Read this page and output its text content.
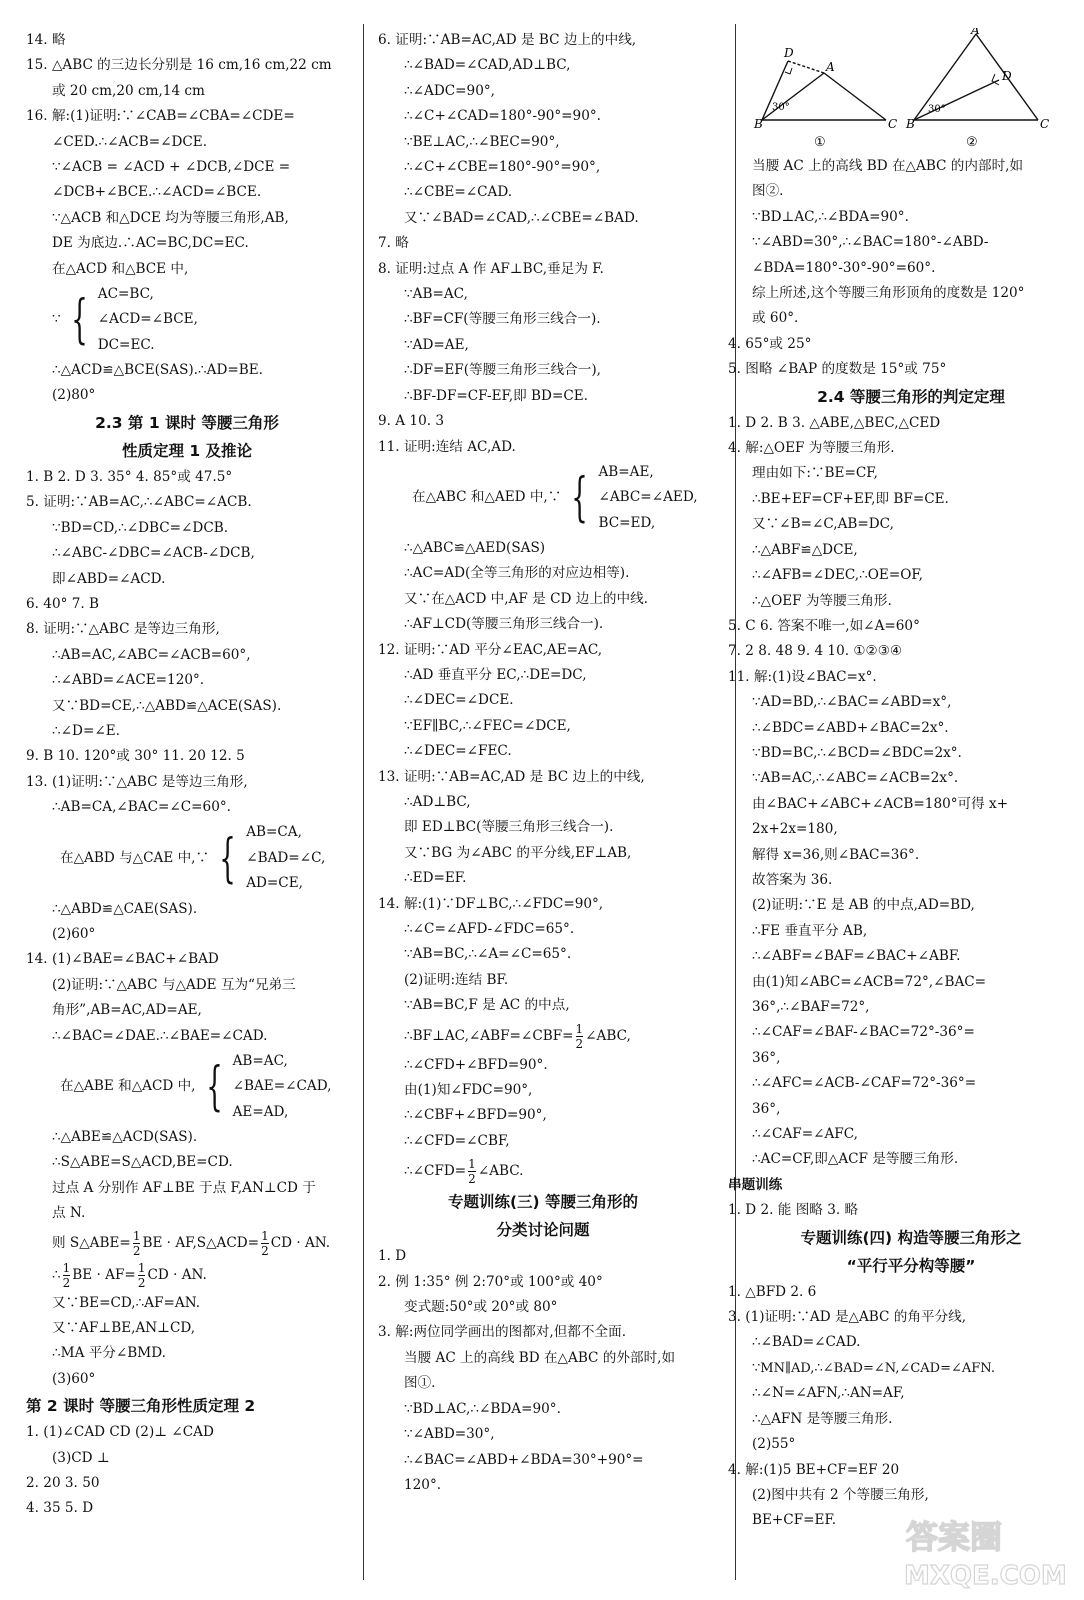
14. 略
15. △ABC 的三边长分别是 16 cm,16 cm,22 cm
或 20 cm,20 cm,14 cm
16. 解:(1)证明:∵∠CAB=∠CBA=∠CDE=
∠CED.∴∠ACB=∠DCE.
∵∠ACB = ∠ACD + ∠DCB,∠DCE =
∠DCB+∠BCE.∴∠ACD=∠BCE.
∵△ACB 和△DCE 均为等腰三角形,AB,
DE 为底边.∴AC=BC,DC=EC.
在△ACD 和△BCE 中,
∵ { AC=BC,
∠ACD=∠BCE,
DC=EC.
∴△ACD≌△BCE(SAS).∴AD=BE.
(2)80°
2.3 第 1 课时 等腰三角形
性质定理 1 及推论
1. B 2. D 3. 35° 4. 85°或 47.5°
5. 证明:∵AB=AC,∴∠ABC=∠ACB.
∵BD=CD,∴∠DBC=∠DCB.
∴∠ABC-∠DBC=∠ACB-∠DCB,
即∠ABD=∠ACD.
6. 40° 7. B
8. 证明:∵△ABC 是等边三角形,
∴AB=AC,∠ABC=∠ACB=60°,
∴∠ABD=∠ACE=120°.
又∵BD=CE,∴△ABD≌△ACE(SAS).
∴∠D=∠E.
9. B 10. 120°或 30° 11. 20 12. 5
13. (1)证明:∵△ABC 是等边三角形,
∴AB=CA,∠BAC=∠C=60°.
在△ABD 与△CAE 中,∵ { AB=CA,
∠BAD=∠C,
AD=CE,
∴△ABD≌△CAE(SAS).
(2)60°
14. (1)∠BAE=∠BAC+∠BAD
(2)证明:∵△ABC 与△ADE 互为“兄弟三
角形”,AB=AC,AD=AE,
∴∠BAC=∠DAE.∴∠BAE=∠CAD.
在△ABE 和△ACD 中, { AB=AC,
∠BAE=∠CAD,
AE=AD,
∴△ABE≌△ACD(SAS).
∴S△ABE=S△ACD,BE=CD.
过点 A 分别作 AF⊥BE 于点 F,AN⊥CD 于
点 N.
则 S△ABE= $\frac{1}{2}$ BE · AF,S△ACD= $\frac{1}{2}$ CD · AN.
∴ $\frac{1}{2}$ BE · $AF= \frac{1}{2}$ CD · AN.
又∵BE=CD,∴AF=AN.
又∵AF⊥BE,AN⊥CD,
∴MA 平分∠BMD.
(3)60°
第 2 课时 等腰三角形性质定理 2
1. (1)∠CAD CD (2)⊥ ∠CAD
(3)CD ⊥
2. 20 3. 50
4. 35 5. D
6. 证明:∵AB=AC,AD 是 BC 边上的中线,
∴∠BAD=∠CAD,AD⊥BC,
∴∠ADC=90°,
∴∠C+∠CAD=180°-90°=90°.
∵BE⊥AC,∴∠BEC=90°,
∴∠C+∠CBE=180°-90°=90°,
∴∠CBE=∠CAD.
又∵∠BAD=∠CAD,∴∠CBE=∠BAD.
7. 略
8. 证明:过点 A 作 AF⊥BC,垂足为 F.
∵AB=AC,
∴BF=CF(等腰三角形三线合一).
∵AD=AE,
∴DF=EF(等腰三角形三线合一),
∴BF-DF=CF-EF,即 BD=CE.
9. A 10. 3
11. 证明:连结 AC,AD.
在△ABC 和△AED 中,∵ { AB=AE,
∠ABC=∠AED,
BC=ED,
∴△ABC≌△AED(SAS)
∴AC=AD(全等三角形的对应边相等).
又∵在△ACD 中,AF 是 CD 边上的中线.
∴AF⊥CD(等腰三角形三线合一).
12. 证明:∵AD 平分∠EAC,AE=AC,
∴AD 垂直平分 EC,∴DE=DC,
∴∠DEC=∠DCE.
∵EF∥BC,∴∠FEC=∠DCE,
∴∠DEC=∠FEC.
13. 证明:∵AB=AC,AD 是 BC 边上的中线,
∴AD⊥BC,
即 ED⊥BC(等腰三角形三线合一).
又∵BG 为∠ABC 的平分线,EF⊥AB,
∴ED=EF.
14. 解:(1)∵DF⊥BC,∴∠FDC=90°,
∴∠C=∠AFD-∠FDC=65°.
∵AB=BC,∴∠A=∠C=65°.
(2)证明:连结 BF.
∵AB=BC,F 是 AC 的中点,
∴BF⊥AC,∠ABF=∠CBF= $\frac{1}{2}$ ∠ABC,
∴∠CFD+∠BFD=90°.
由(1)知∠FDC=90°,
∴∠CBF+∠BFD=90°,
∴∠CFD=∠CBF,
∴∠CFD= $\frac{1}{2}$ ∠ABC.
专题训练(三) 等腰三角形的
分类讨论问题
1. D
2. 例 1:35° 例 2:70°或 100°或 40°
变式题:50°或 20°或 80°
3. 解:两位同学画出的图都对,但都不全面.
当腰 AC 上的高线 BD 在△ABC 的外部时,如
图①.
∵BD⊥AC,∴∠BDA=90°.
∵∠ABD=30°,
∴∠BAC=∠ABD+∠BDA=30°+90°=
120°.
B	C
A
D
30°
①
B	C
A
D
30°
②
当腰 AC 上的高线 BD 在△ABC 的内部时,如
图②.
∵BD⊥AC,∴∠BDA=90°.
∵∠ABD=30°,∴∠BAC=180°-∠ABD-
∠BDA=180°-30°-90°=60°.
综上所述,这个等腰三角形顶角的度数是 120°
或 60°.
4. 65°或 25°
5. 图略 ∠BAP 的度数是 15°或 75°
2.4 等腰三角形的判定定理
1. D 2. B 3. △ABE,△BEC,△CED
4. 解:△OEF 为等腰三角形.
理由如下:∵BE=CF,
∴BE+EF=CF+EF,即 BF=CE.
又∵∠B=∠C,AB=DC,
∴△ABF≌△DCE,
∴∠AFB=∠DEC,∴OE=OF,
∴△OEF 为等腰三角形.
5. C 6. 答案不唯一,如∠A=60°
7. 2 8. 48 9. 4 10. ①②③④
11. 解:(1)设∠BAC=x°.
∵AD=BD,∴∠BAC=∠ABD=x°,
∴∠BDC=∠ABD+∠BAC=2x°.
∵BD=BC,∴∠BCD=∠BDC=2x°.
∵AB=AC,∴∠ABC=∠ACB=2x°.
由∠BAC+∠ABC+∠ACB=180°可得 x+
2x+2x=180,
解得 x=36,则∠BAC=36°.
故答案为 36.
(2)证明:∵E 是 AB 的中点,AD=BD,
∴FE 垂直平分 AB,
∴∠ABF=∠BAF=∠BAC+∠ABF.
由(1)知∠ABC=∠ACB=72°,∠BAC=
36°,∴∠BAF=72°,
∴∠CAF=∠BAF-∠BAC=72°-36°=
36°,
∴∠AFC=∠ACB-∠CAF=72°-36°=
36°,
∴∠CAF=∠AFC,
∴AC=CF,即△ACF 是等腰三角形.
串题训练
1. D 2. 能 图略 3. 略
专题训练(四) 构造等腰三角形之
“平行平分构等腰”
1. △BFD 2. 6
3. (1)证明:∵AD 是△ABC 的角平分线,
∴∠BAD=∠CAD.
∵MN∥AD,∴∠BAD=∠N,∠CAD=∠AFN.
∴∠N=∠AFN,∴AN=AF,
∴△AFN 是等腰三角形.
(2)55°
4. 解:(1)5 BE+CF=EF 20
(2)图中共有 2 个等腰三角形,
BE+CF=EF.	答案圈
MXQE.COM
